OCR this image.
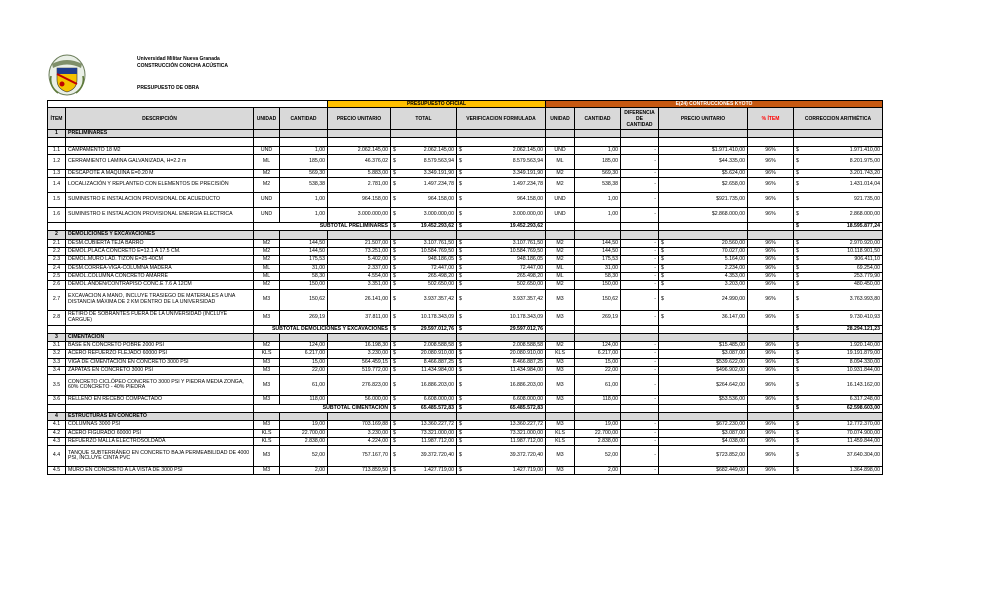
Universidad Militar Nueva Granada
CONSTRUCCIÓN CONCHA ACÚSTICA
PRESUPUESTO DE OBRA
				PRESUPUESTO OFICIAL			E(24) CONTRUCCIONES KYOTO					
ÍTEM	DESCRIPCIÓN	UNIDAD	CANTIDAD	PRECIO UNITARIO	TOTAL	VERIFICACION FORMULADA	UNIDAD	CANTIDAD	DIFERENCIA DE CANTIDAD	PRECIO UNITARIO	% ÍTEM	CORRECCION ARITMÉTICA
1	PRELIMINARES											

1.1	CAMPAMENTO 18 M2	UND	1,00	2.062.145,00	$ 2.062.145,00	$ 2.062.145,00	UND	1,00	-	$1.971.410,00	96%	$ 1.971.410,00
1.2	CERRAMIENTO LAMINA GALVANIZADA, H=2.2 m	ML	185,00	46.376,02	$ 8.579.563,94	$ 8.579.563,94	ML	185,00	-	$44.335,00	96%	$ 8.201.975,00
1.3	DESCAPOTE A MAQUINA E=0.20 M	M2	569,30	5.883,00	$ 3.349.191,90	$ 3.349.191,90	M2	569,30	-	$5.624,00	96%	$ 3.201.743,20
1.4	LOCALIZACIÓN Y REPLANTEO CON ELEMENTOS DE PRECISIÓN	M2	538,38	2.781,00	$ 1.497.234,78	$ 1.497.234,78	M2	538,38	-	$2.658,00	96%	$ 1.431.014,04
1.5	SUMINISTRO E INSTALACION PROVISIONAL DE ACUEDUCTO	UND	1,00	964.158,00	$ 964.158,00	$ 964.158,00	UND	1,00	-	$921.735,00	96%	$ 921.735,00
1.6	SUMINISTRO E INSTALACION PROVISIONAL ENERGIA ELECTRICA	UND	1,00	3.000.000,00	$ 3.000.000,00	$ 3.000.000,00	UND	1,00	-	$2.868.000,00	96%	$ 2.868.000,00
		SUBTOTAL PRELIMINARES			$ 19.452.293,62	$ 19.452.293,62						$ 18.595.877,24
2	DEMOLICIONES Y EXCAVACIONES											
2.1	DESM.CUBIERTA TEJA BARRO	M2	144,50	21.507,00	$ 3.107.761,50	$ 3.107.761,50	M2	144,50	-	$ 20.560,00	96%	$ 2.970.920,00
2.2	DEMOL.PLACA CONCRETO E=12.1 A 17.5 CM.	M2	144,50	73.251,00	$ 10.584.769,50	$ 10.584.769,50	M2	144,50	-	$ 70.027,00	96%	$ 10.118.901,50
2.3	DEMOL.MURO LAD. TIZON E=25-40CM	M2	175,53	5.402,00	$ 948.186,05	$ 948.186,05	M2	175,53	-	$ 5.164,00	96%	$ 906.411,10
2.4	DESM.CORREA-VIGA-COLUMNA MADERA	ML	31,00	2.337,00	$ 72.447,00	$ 72.447,00	ML	31,00	-	$ 2.234,00	96%	$ 69.254,00
2.5	DEMOL.COLUMNA CONCRETO AMARRE	ML	58,30	4.554,00	$ 265.498,20	$ 265.498,20	ML	58,30	-	$ 4.353,00	96%	$ 253.779,90
2.6	DEMOL.ANDEN/CONTRAPISO CONC.E 7.6 A 12CM	M2	150,00	3.351,00	$ 502.650,00	$ 502.650,00	M2	150,00	-	$ 3.203,00	96%	$ 480.450,00
2.7	EXCAVACION A MANO, INCLUYE TRASIEGO DE MATERIALES A UNA DISTANCIA MÁXIMA DE 2 KM DENTRO DE LA UNIVERSIDAD	M3	150,62	26.141,00	$ 3.937.357,42	$ 3.937.357,42	M3	150,62	-	$ 24.990,00	96%	$ 3.763.993,80
2.8	RETIRO DE SOBRANTES FUERA DE LA UNIVERSIDAD (INCLUYE CARGUE)	M3	269,19	37.811,00	$ 10.178.343,09	$ 10.178.343,09	M3	269,19	-	$ 36.147,00	96%	$ 9.730.410,93
		SUBTOTAL DEMOLICIONES Y EXCAVACIONES			$ 29.597.012,76	$ 29.597.012,76						$ 28.294.121,23
3	CIMENTACION											
3.1	BASE EN CONCRETO POBRE 2000 PSI	M2	124,00	16.198,30	$ 2.008.588,58	$ 2.008.588,58	M2	124,00	-	$15.485,00	96%	$ 1.920.140,00
3.2	ACERO REFUERZO FLEJADO 60000 PSI	KLS	6.217,00	3.230,00	$ 20.080.910,00	$ 20.080.910,00	KLS	6.217,00	-	$3.087,00	96%	$ 19.191.879,00
3.3	VIGA DE CIMENTACION EN CONCRETO 3000 PSI	M3	15,00	564.459,15	$ 8.466.887,25	$ 8.466.887,25	M3	15,00	-	$539.622,00	96%	$ 8.094.330,00
3.4	ZAPATAS EN CONCRETO 3000 PSI	M3	22,00	519.772,00	$ 11.434.984,00	$ 11.434.984,00	M3	22,00	-	$496.902,00	96%	$ 10.931.844,00
3.5	CONCRETO CICLÓPEO CONCRETO 3000 PSI Y PIEDRA MEDIA ZONGA, 60% CONCRETO - 40% PIEDRA	M3	61,00	276.823,00	$ 16.886.203,00	$ 16.886.203,00	M3	61,00	-	$264.642,00	96%	$ 16.143.162,00
3.6	RELLENO EN RECEBO COMPACTADO	M3	118,00	56.000,00	$ 6.608.000,00	$ 6.608.000,00	M3	118,00	-	$53.536,00	96%	$ 6.317.248,00
		SUBTOTAL CIMENTACION			$ 65.485.572,83	$ 65.485.572,83						$ 62.598.603,00
4	ESTRUCTURAS EN CONCRETO											
4.1	COLUMNAS 3000 PSI	M3	19,00	703.169,88	$ 13.360.227,72	$ 13.360.227,72	M3	19,00	-	$672.230,00	96%	$ 12.772.370,00
4.2	ACERO FIGURADO 60000 PSI	KLS	22.700,00	3.230,00	$ 73.321.000,00	$ 73.321.000,00	KLS	22.700,00	-	$3.087,00	96%	$ 70.074.900,00
4.3	REFUERZO MALLA ELECTROSOLDADA	KLS	2.838,00	4.224,00	$ 11.987.712,00	$ 11.987.712,00	KLS	2.838,00	-	$4.038,00	96%	$ 11.459.844,00
4.4	TANQUE SUBTERRÁNEO EN CONCRETO BAJA PERMEABILIDAD DE 4000 PSI, INCLUYE CINTA PVC	M3	52,00	757.167,70	$ 39.372.720,40	$ 39.372.720,40	M3	52,00	-	$723.852,00	96%	$ 37.640.304,00
4.5	MURO EN CONCRETO A LA VISTA DE 3000 PSI	M3	2,00	713.859,50	$ 1.427.719,00	$ 1.427.719,00	M3	2,00	-	$682.449,00	96%	$ 1.364.898,00
